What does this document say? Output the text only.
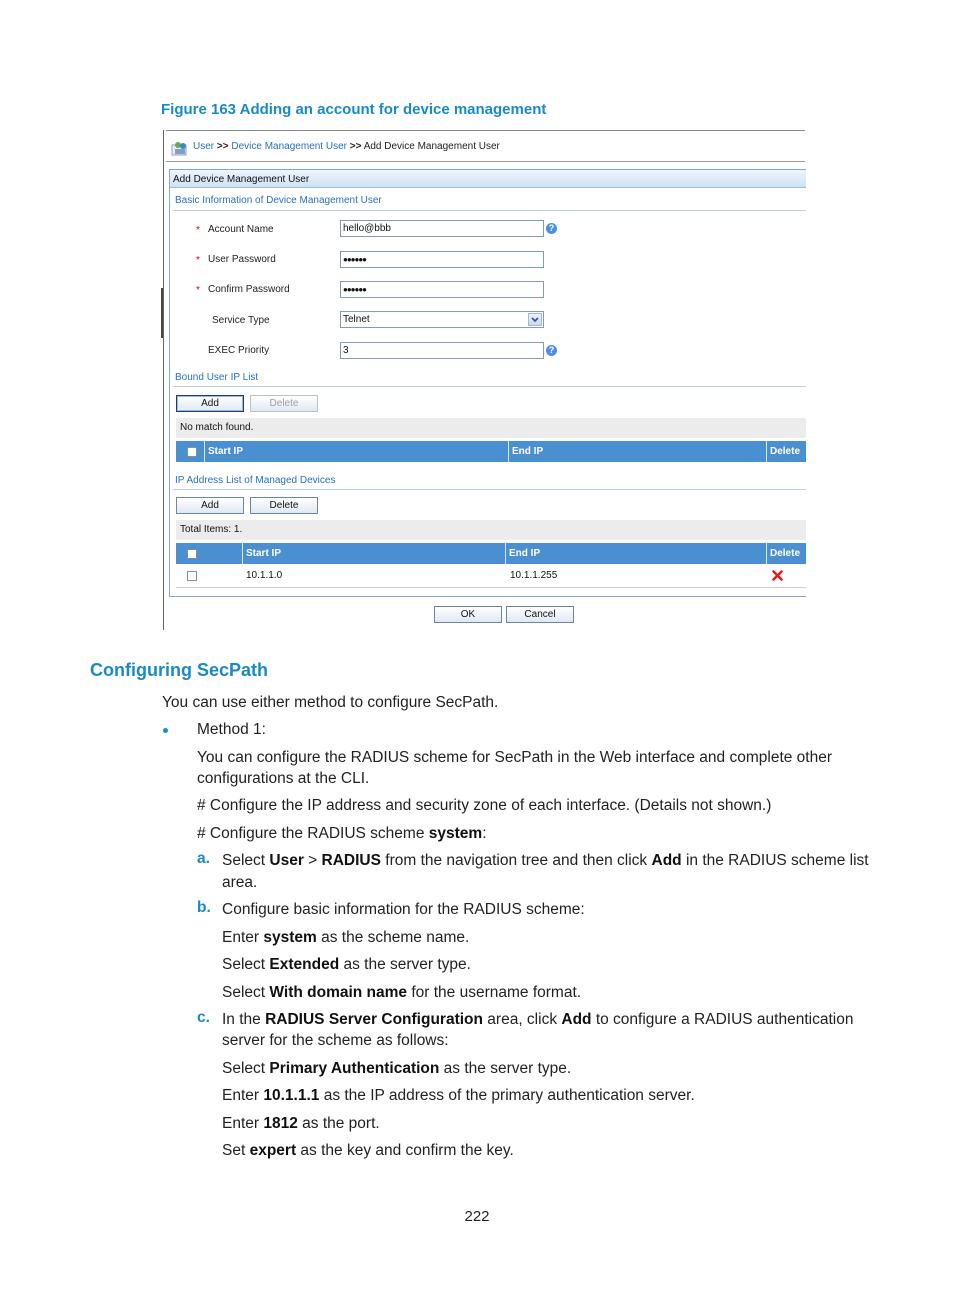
Figure 163 Adding an account for device management
User >> Device Management User >> Add Device Management User
Add Device Management User
Basic Information of Device Management User
* Account Name	hello@bbb	?
* User Password	●●●●●●
* Confirm Password	●●●●●●
Service Type	Telnet
EXEC Priority	3	?
Bound User IP List
Add	Delete
No match found.
Start IP	End IP	Delete
IP Address List of Managed Devices
Add	Delete
Total Items: 1.
Start IP	End IP	Delete
10.1.1.0	10.1.1.255
OK	Cancel
Configuring SecPath
You can use either method to configure SecPath.
Method 1:
You can configure the RADIUS scheme for SecPath in the Web interface and complete other
configurations at the CLI.
# Configure the IP address and security zone of each interface. (Details not shown.)
# Configure the RADIUS scheme system:
a. Select User > RADIUS from the navigation tree and then click Add in the RADIUS scheme list
area.
b. Configure basic information for the RADIUS scheme:
Enter system as the scheme name.
Select Extended as the server type.
Select With domain name for the username format.
c. In the RADIUS Server Configuration area, click Add to configure a RADIUS authentication
server for the scheme as follows:
Select Primary Authentication as the server type.
Enter 10.1.1.1 as the IP address of the primary authentication server.
Enter 1812 as the port.
Set expert as the key and confirm the key.
222
